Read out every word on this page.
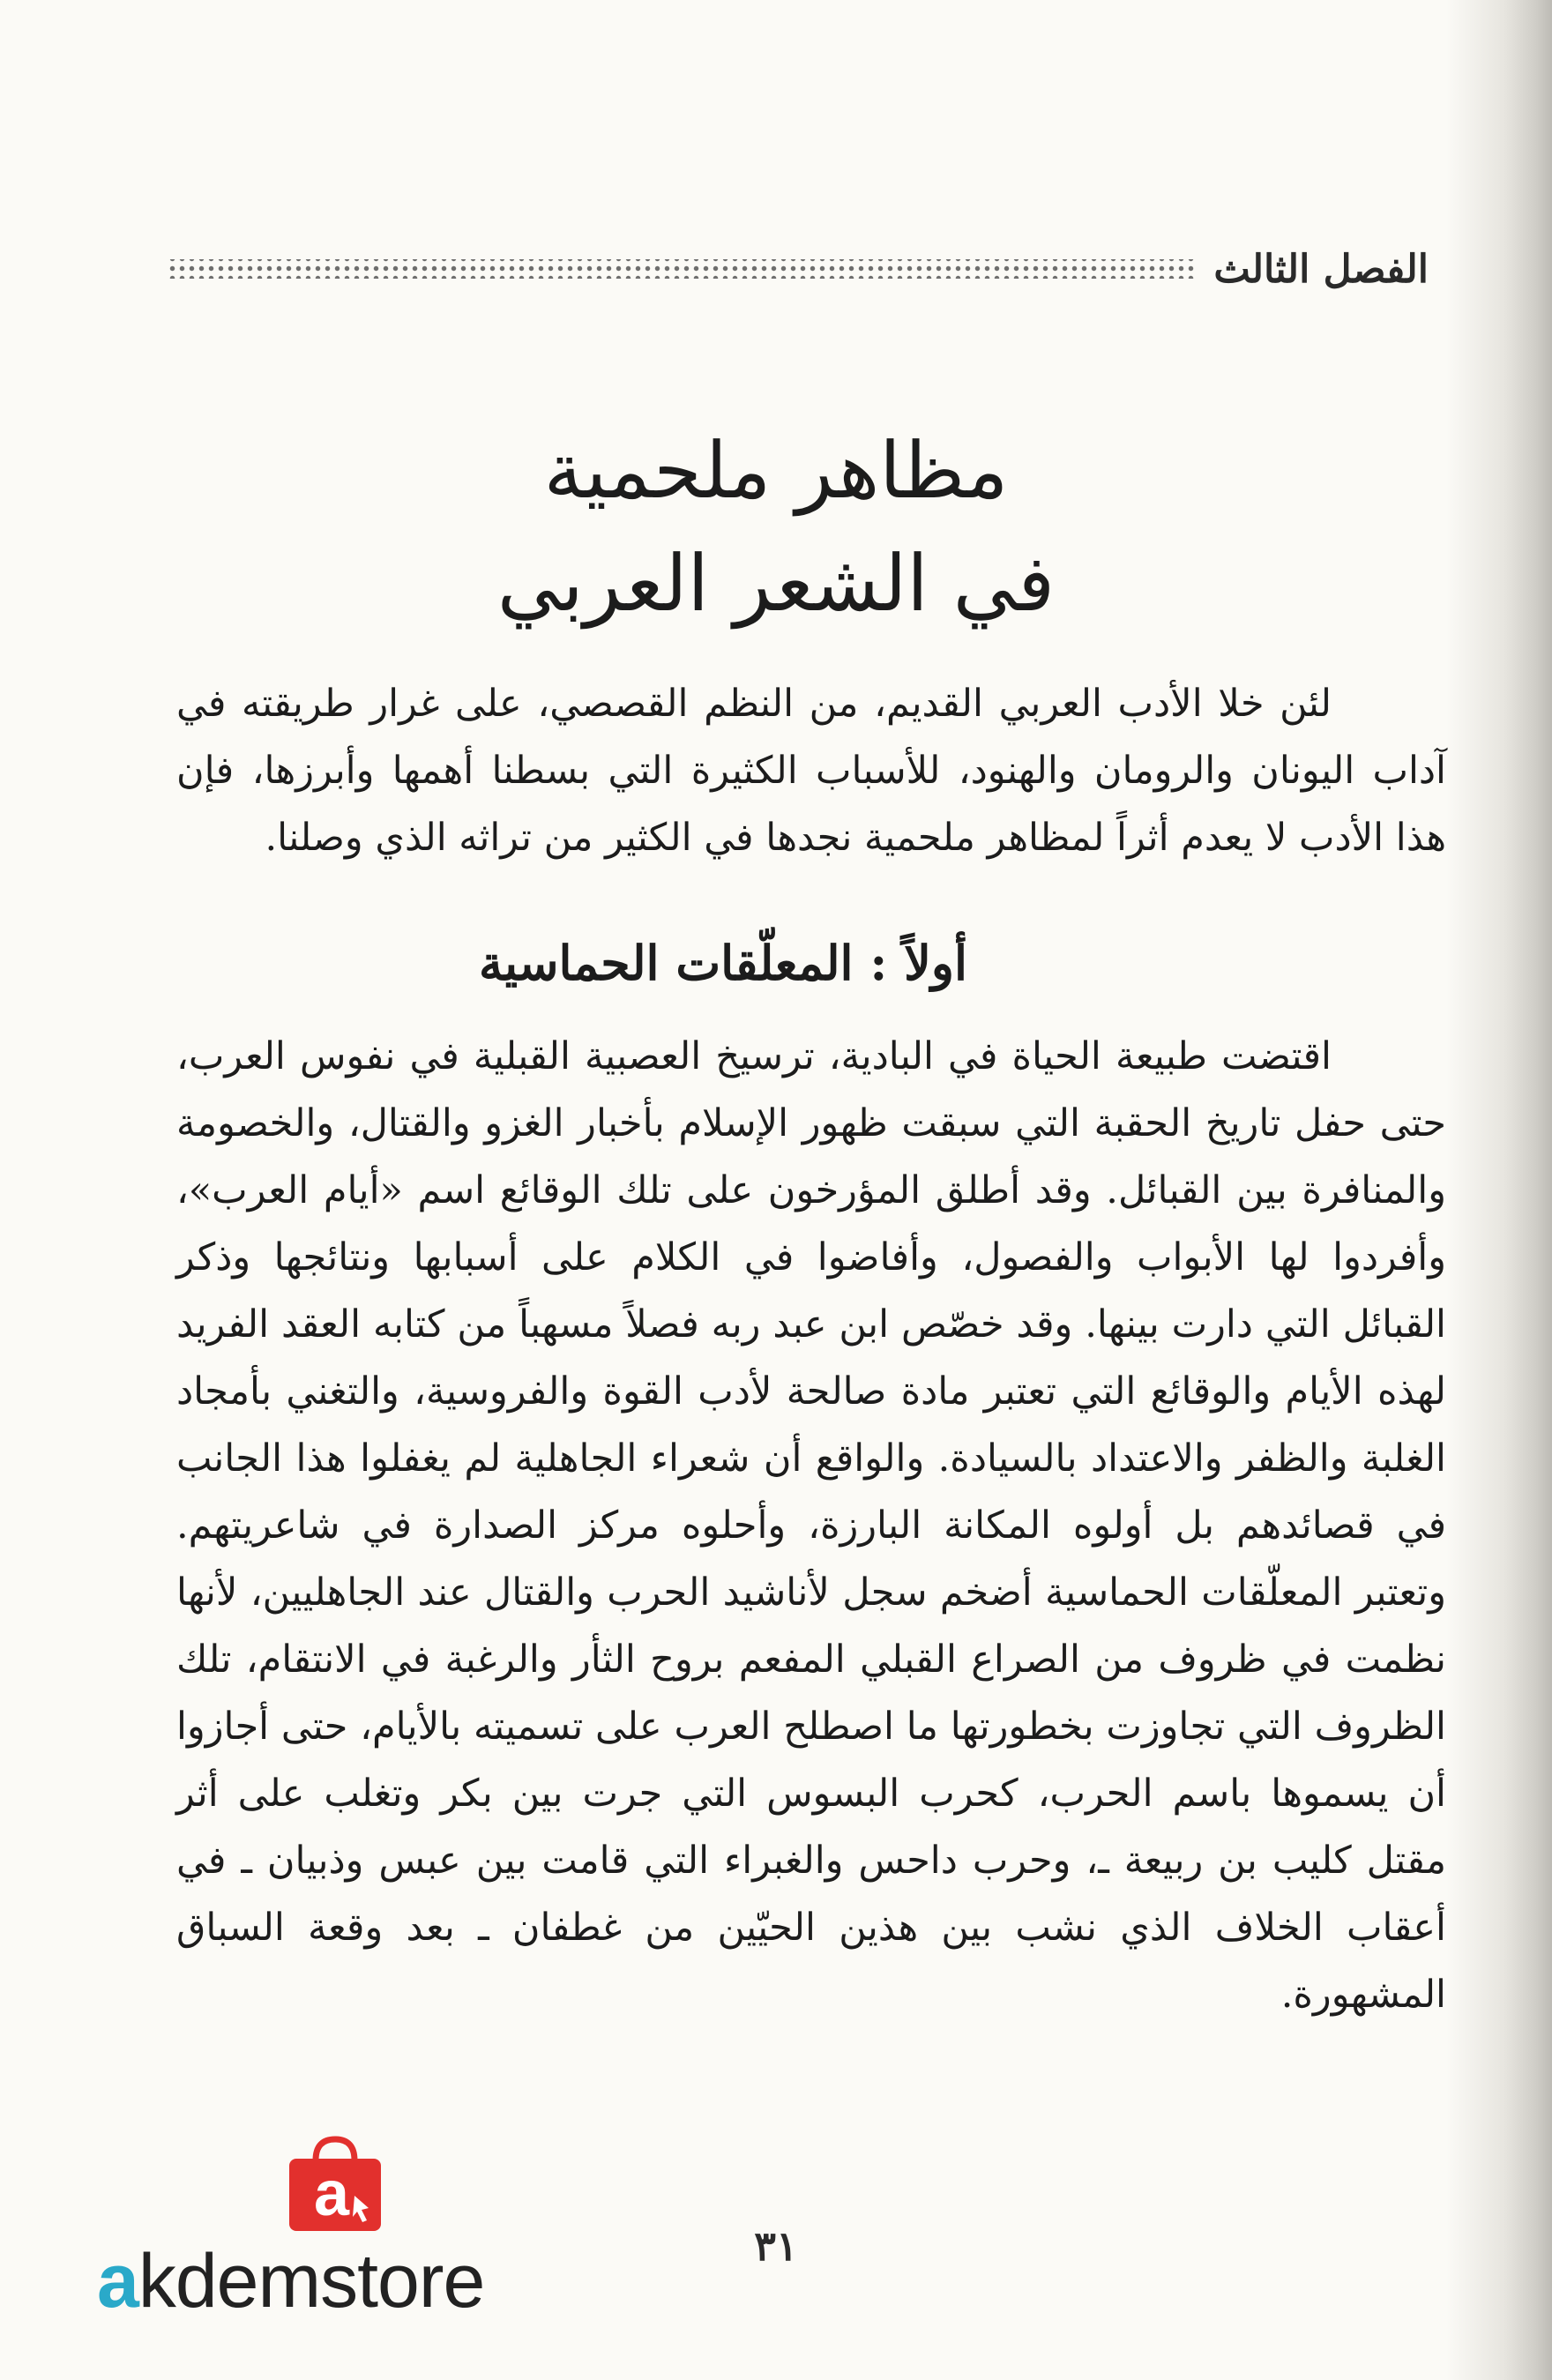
الفصل الثالث
مظاهر ملحمية
في الشعر العربي

لئن خلا الأدب العربي القديم، من النظم القصصي، على غرار طريقته في آداب اليونان والرومان والهنود، للأسباب الكثيرة التي بسطنا أهمها وأبرزها، فإن هذا الأدب لا يعدم أثراً لمظاهر ملحمية نجدها في الكثير من تراثه الذي وصلنا.

أولاً : المعلّقات الحماسية

اقتضت طبيعة الحياة في البادية، ترسيخ العصبية القبلية في نفوس العرب، حتى حفل تاريخ الحقبة التي سبقت ظهور الإسلام بأخبار الغزو والقتال، والخصومة والمنافرة بين القبائل. وقد أطلق المؤرخون على تلك الوقائع اسم «أيام العرب»، وأفردوا لها الأبواب والفصول، وأفاضوا في الكلام على أسبابها ونتائجها وذكر القبائل التي دارت بينها. وقد خصّص ابن عبد ربه فصلاً مسهباً من كتابه العقد الفريد لهذه الأيام والوقائع التي تعتبر مادة صالحة لأدب القوة والفروسية، والتغني بأمجاد الغلبة والظفر والاعتداد بالسيادة. والواقع أن شعراء الجاهلية لم يغفلوا هذا الجانب في قصائدهم بل أولوه المكانة البارزة، وأحلوه مركز الصدارة في شاعريتهم. وتعتبر المعلّقات الحماسية أضخم سجل لأناشيد الحرب والقتال عند الجاهليين، لأنها نظمت في ظروف من الصراع القبلي المفعم بروح الثأر والرغبة في الانتقام، تلك الظروف التي تجاوزت بخطورتها ما اصطلح العرب على تسميته بالأيام، حتى أجازوا أن يسموها باسم الحرب، كحرب البسوس التي جرت بين بكر وتغلب على أثر مقتل كليب بن ربيعة ـ، وحرب داحس والغبراء التي قامت بين عبس وذبيان ـ في أعقاب الخلاف الذي نشب بين هذين الحيّين من غطفان ـ بعد وقعة السباق المشهورة.

٣١
a
akdemstore
